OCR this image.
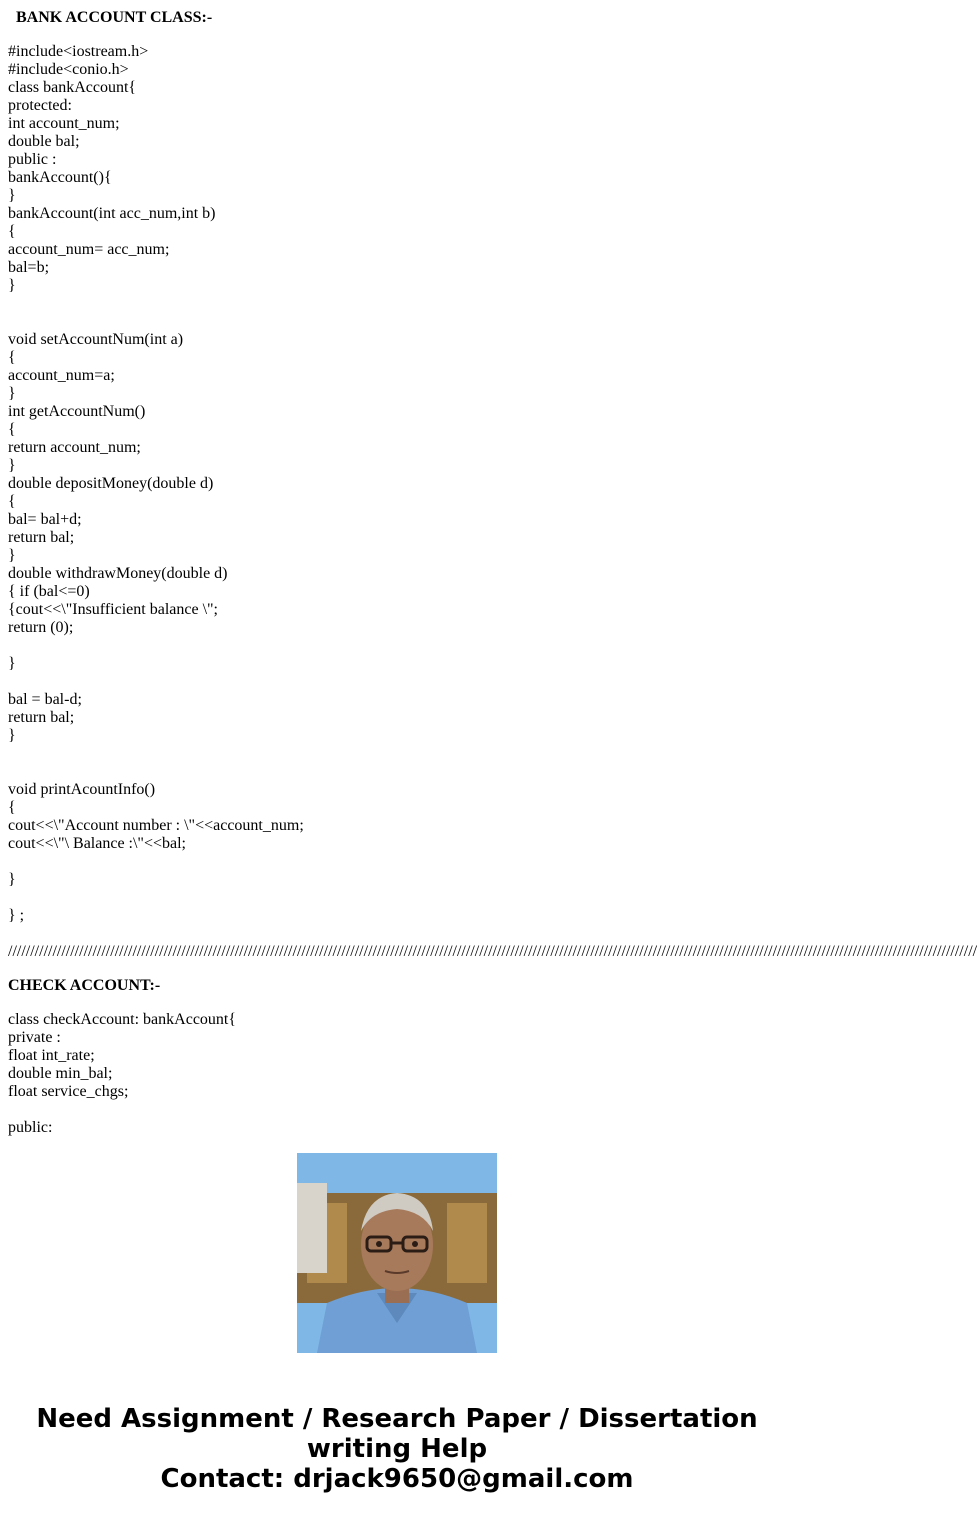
BANK ACCOUNT CLASS:-
#include<iostream.h>
#include<conio.h>
class bankAccount{
protected:
int account_num;
double bal;
public :
bankAccount(){
}
bankAccount(int acc_num,int b)
{
account_num= acc_num;
bal=b;
}
void setAccountNum(int a)
{
account_num=a;
}
int getAccountNum()
{
return account_num;
}
double depositMoney(double d)
{
bal= bal+d;
return bal;
}
double withdrawMoney(double d)
{ if (bal<=0)
{cout<<\"Insufficient balance \";
return (0);
}
bal = bal-d;
return bal;
}
void printAcountInfo()
{
cout<<\"Account number : \"<<account_num;
cout<<\"\ Balance :\"<<bal;
}
} ;
//////////////////////////////////////////////////////////////////////////////////////////////////////////////////////////////////////////////////////////////////////////////////////////////////////////////////////////
CHECK ACCOUNT:-
class checkAccount: bankAccount{
private :
float int_rate;
double min_bal;
float service_chgs;
public:
Need Assignment / Research Paper / Dissertation
writing Help
Contact: drjack9650@gmail.com
